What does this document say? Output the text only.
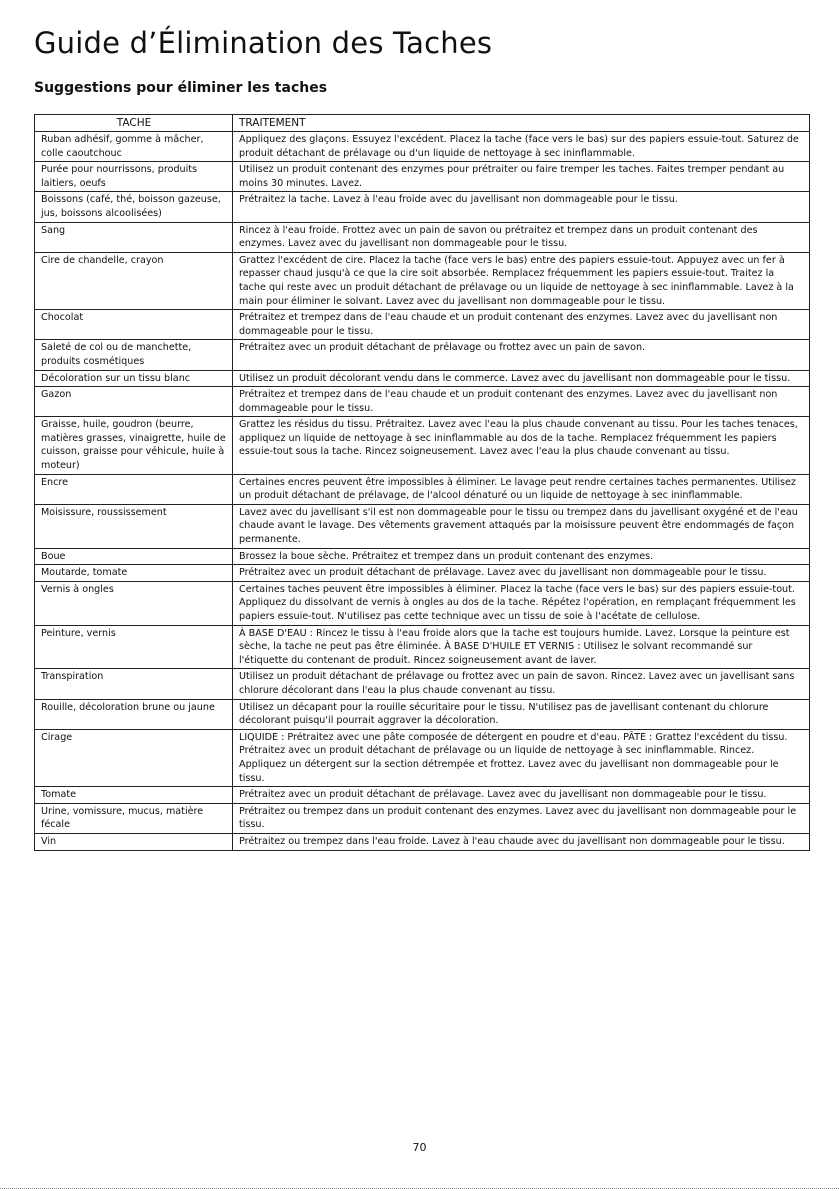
Guide d’Élimination des Taches
Suggestions pour éliminer les taches
TACHE	TRAITEMENT
Ruban adhésif, gomme à mâcher, colle caoutchouc	Appliquez des glaçons. Essuyez l'excédent. Placez la tache (face vers le bas) sur des papiers essuie-tout. Saturez de produit détachant de prélavage ou d'un liquide de nettoyage à sec ininflammable.
Purée pour nourrissons, produits laitiers, oeufs	Utilisez un produit contenant des enzymes pour prétraiter ou faire tremper les taches. Faites tremper pendant au moins 30 minutes. Lavez.
Boissons (café, thé, boisson gazeuse, jus, boissons alcoolisées)	Prétraitez la tache. Lavez à l'eau froide avec du javellisant non dommageable pour le tissu.
Sang	Rincez à l'eau froide. Frottez avec un pain de savon ou prétraitez et trempez dans un produit contenant des enzymes. Lavez avec du javellisant non dommageable pour le tissu.
Cire de chandelle, crayon	Grattez l'excédent de cire. Placez la tache (face vers le bas) entre des papiers essuie-tout. Appuyez avec un fer à repasser chaud jusqu'à ce que la cire soit absorbée. Remplacez fréquemment les papiers essuie-tout. Traitez la tache qui reste avec un produit détachant de prélavage ou un liquide de nettoyage à sec ininflammable. Lavez à la main pour éliminer le solvant. Lavez avec du javellisant non dommageable pour le tissu.
Chocolat	Prétraitez et trempez dans de l'eau chaude et un produit contenant des enzymes. Lavez avec du javellisant non dommageable pour le tissu.
Saleté de col ou de manchette, produits cosmétiques	Prétraitez avec un produit détachant de prélavage ou frottez avec un pain de savon.
Décoloration sur un tissu blanc	Utilisez un produit décolorant vendu dans le commerce. Lavez avec du javellisant non dommageable pour le tissu.
Gazon	Prétraitez et trempez dans de l'eau chaude et un produit contenant des enzymes. Lavez avec du javellisant non dommageable pour le tissu.
Graisse, huile, goudron (beurre, matières grasses, vinaigrette, huile de cuisson, graisse pour véhicule, huile à moteur)	Grattez les résidus du tissu. Prétraitez. Lavez avec l'eau la plus chaude convenant au tissu. Pour les taches tenaces, appliquez un liquide de nettoyage à sec ininflammable au dos de la tache. Remplacez fréquemment les papiers essuie-tout sous la tache. Rincez soigneusement. Lavez avec l'eau la plus chaude convenant au tissu.
Encre	Certaines encres peuvent être impossibles à éliminer. Le lavage peut rendre certaines taches permanentes. Utilisez un produit détachant de prélavage, de l'alcool dénaturé ou un liquide de nettoyage à sec ininflammable.
Moisissure, roussissement	Lavez avec du javellisant s'il est non dommageable pour le tissu ou trempez dans du javellisant oxygéné et de l'eau chaude avant le lavage. Des vêtements gravement attaqués par la moisissure peuvent être endommagés de façon permanente.
Boue	Brossez la boue sèche. Prétraitez et trempez dans un produit contenant des enzymes.
Moutarde, tomate	Prétraitez avec un produit détachant de prélavage. Lavez avec du javellisant non dommageable pour le tissu.
Vernis à ongles	Certaines taches peuvent être impossibles à éliminer. Placez la tache (face vers le bas) sur des papiers essuie-tout. Appliquez du dissolvant de vernis à ongles au dos de la tache. Répétez l'opération, en remplaçant fréquemment les papiers essuie-tout. N'utilisez pas cette technique avec un tissu de soie à l'acétate de cellulose.
Peinture, vernis	À BASE D'EAU : Rincez le tissu à l'eau froide alors que la tache est toujours humide. Lavez. Lorsque la peinture est sèche, la tache ne peut pas être éliminée. À BASE D'HUILE ET VERNIS : Utilisez le solvant recommandé sur l'étiquette du contenant de produit. Rincez soigneusement avant de laver.
Transpiration	Utilisez un produit détachant de prélavage ou frottez avec un pain de savon. Rincez. Lavez avec un javellisant sans chlorure décolorant dans l'eau la plus chaude convenant au tissu.
Rouille, décoloration brune ou jaune	Utilisez un décapant pour la rouille sécuritaire pour le tissu. N'utilisez pas de javellisant contenant du chlorure décolorant puisqu'il pourrait aggraver la décoloration.
Cirage	LIQUIDE : Prétraitez avec une pâte composée de détergent en poudre et d'eau. PÂTE : Grattez l'excédent du tissu. Prétraitez avec un produit détachant de prélavage ou un liquide de nettoyage à sec ininflammable. Rincez. Appliquez un détergent sur la section détrempée et frottez. Lavez avec du javellisant non dommageable pour le tissu.
Tomate	Prétraitez avec un produit détachant de prélavage. Lavez avec du javellisant non dommageable pour le tissu.
Urine, vomissure, mucus, matière fécale	Prétraitez ou trempez dans un produit contenant des enzymes. Lavez avec du javellisant non dommageable pour le tissu.
Vin	Prétraitez ou trempez dans l'eau froide. Lavez à l'eau chaude avec du javellisant non dommageable pour le tissu.
70
